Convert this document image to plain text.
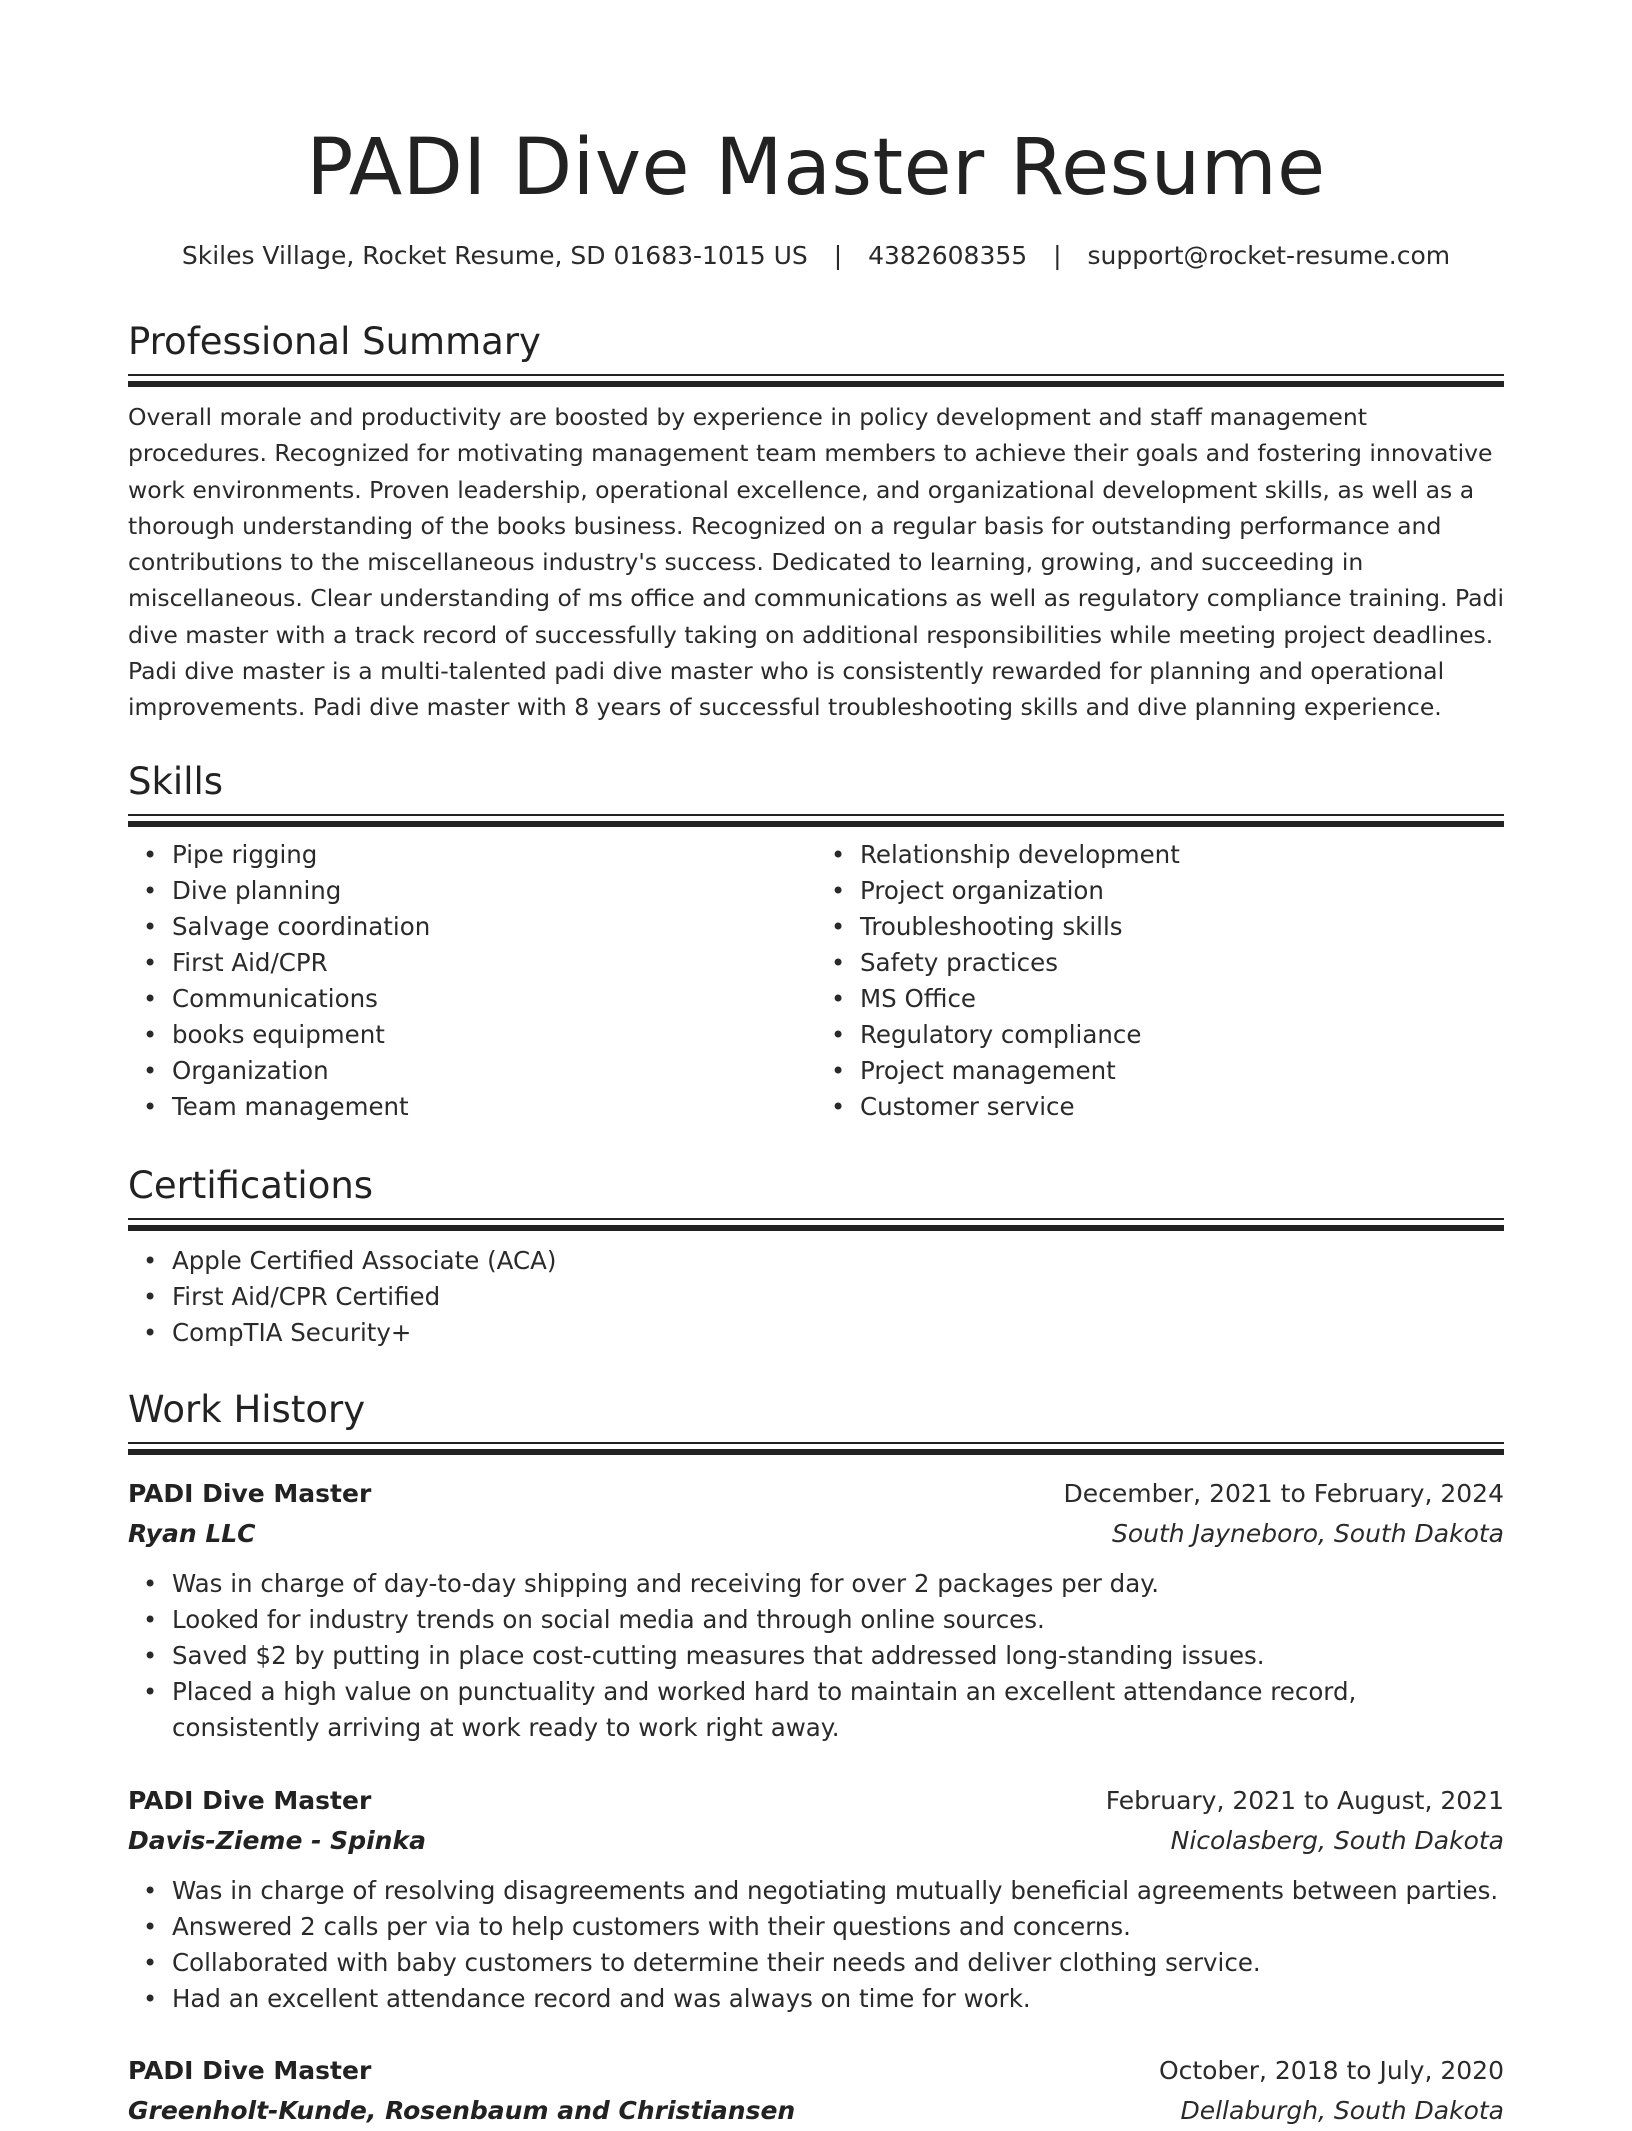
PADI Dive Master Resume
Skiles Village, Rocket Resume, SD 01683-1015 US | 4382608355 | support@rocket-resume.com
Professional Summary

Overall morale and productivity are boosted by experience in policy development and staff management procedures. Recognized for motivating management team members to achieve their goals and fostering innovative work environments. Proven leadership, operational excellence, and organizational development skills, as well as a thorough understanding of the books business. Recognized on a regular basis for outstanding performance and contributions to the miscellaneous industry's success. Dedicated to learning, growing, and succeeding in miscellaneous. Clear understanding of ms office and communications as well as regulatory compliance training. Padi dive master with a track record of successfully taking on additional responsibilities while meeting project deadlines. Padi dive master is a multi-talented padi dive master who is consistently rewarded for planning and operational improvements. Padi dive master with 8 years of successful troubleshooting skills and dive planning experience.

Skills
• Pipe rigging
• Dive planning
• Salvage coordination
• First Aid/CPR
• Communications
• books equipment
• Organization
• Team management
• Relationship development
• Project organization
• Troubleshooting skills
• Safety practices
• MS Office
• Regulatory compliance
• Project management
• Customer service
Certifications
• Apple Certified Associate (ACA)
• First Aid/CPR Certified
• CompTIA Security+
Work History
PADI Dive Master	December, 2021 to February, 2024
Ryan LLC	South Jayneboro, South Dakota
• Was in charge of day-to-day shipping and receiving for over 2 packages per day.
• Looked for industry trends on social media and through online sources.
• Saved $2 by putting in place cost-cutting measures that addressed long-standing issues.
• Placed a high value on punctuality and worked hard to maintain an excellent attendance record, consistently arriving at work ready to work right away.
PADI Dive Master	February, 2021 to August, 2021
Davis-Zieme - Spinka	Nicolasberg, South Dakota
• Was in charge of resolving disagreements and negotiating mutually beneficial agreements between parties.
• Answered 2 calls per via to help customers with their questions and concerns.
• Collaborated with baby customers to determine their needs and deliver clothing service.
• Had an excellent attendance record and was always on time for work.
PADI Dive Master	October, 2018 to July, 2020
Greenholt-Kunde, Rosenbaum and Christiansen	Dellaburgh, South Dakota
